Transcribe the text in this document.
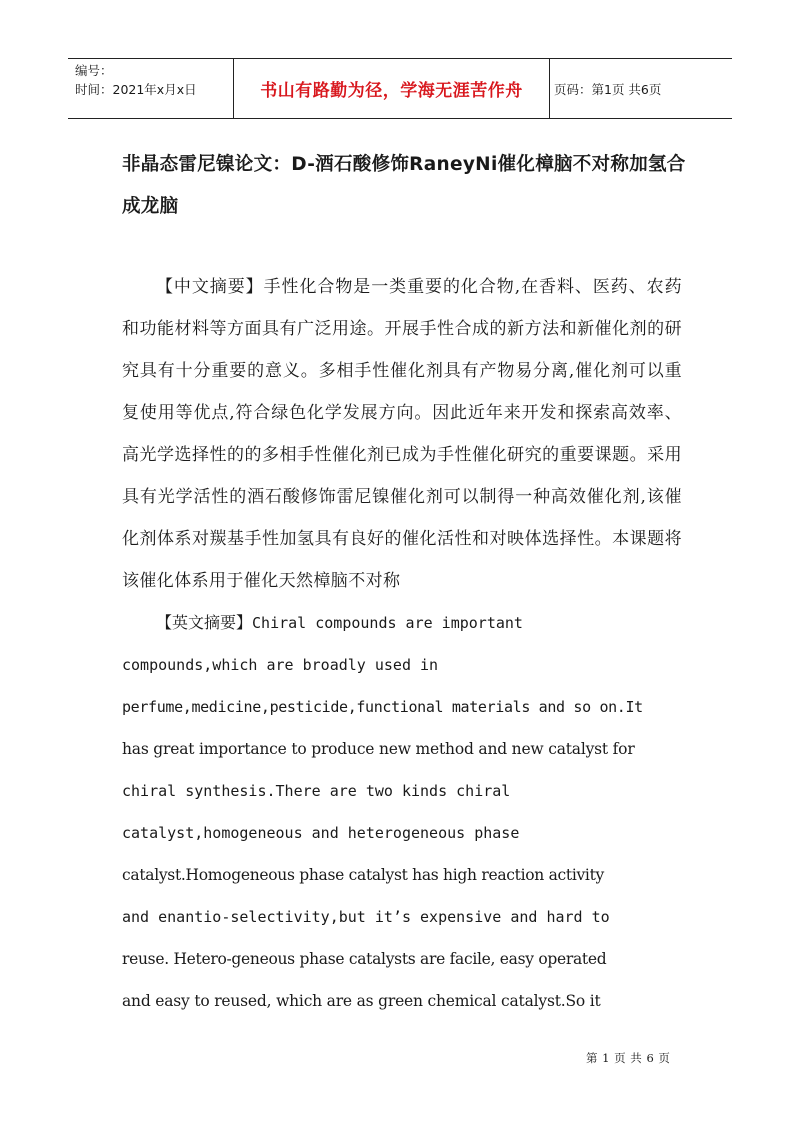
编号：
时间：2021年x月x日	书山有路勤为径，学海无涯苦作舟	页码：第1页 共6页
非晶态雷尼镍论文：D-酒石酸修饰RaneyNi催化樟脑不对称加氢合成龙脑
【中文摘要】手性化合物是一类重要的化合物,在香料、医药、农药和功能材料等方面具有广泛用途。开展手性合成的新方法和新催化剂的研究具有十分重要的意义。多相手性催化剂具有产物易分离,催化剂可以重复使用等优点,符合绿色化学发展方向。因此近年来开发和探索高效率、高光学选择性的的多相手性催化剂已成为手性催化研究的重要课题。采用具有光学活性的酒石酸修饰雷尼镍催化剂可以制得一种高效催化剂,该催化剂体系对羰基手性加氢具有良好的催化活性和对映体选择性。本课题将该催化体系用于催化天然樟脑不对称
【英文摘要】Chiral compounds are important
compounds,which are broadly used in
perfume,medicine,pesticide,functional materials and so on.It
has great importance to produce new method and new catalyst for
chiral synthesis.There are two kinds chiral
catalyst,homogeneous and heterogeneous phase
catalyst.Homogeneous phase catalyst has high reaction activity
and enantio-selectivity,but it’s expensive and hard to
reuse. Hetero-geneous phase catalysts are facile, easy operated
and easy to reused, which are as green chemical catalyst.So it
第 1 页 共 6 页
